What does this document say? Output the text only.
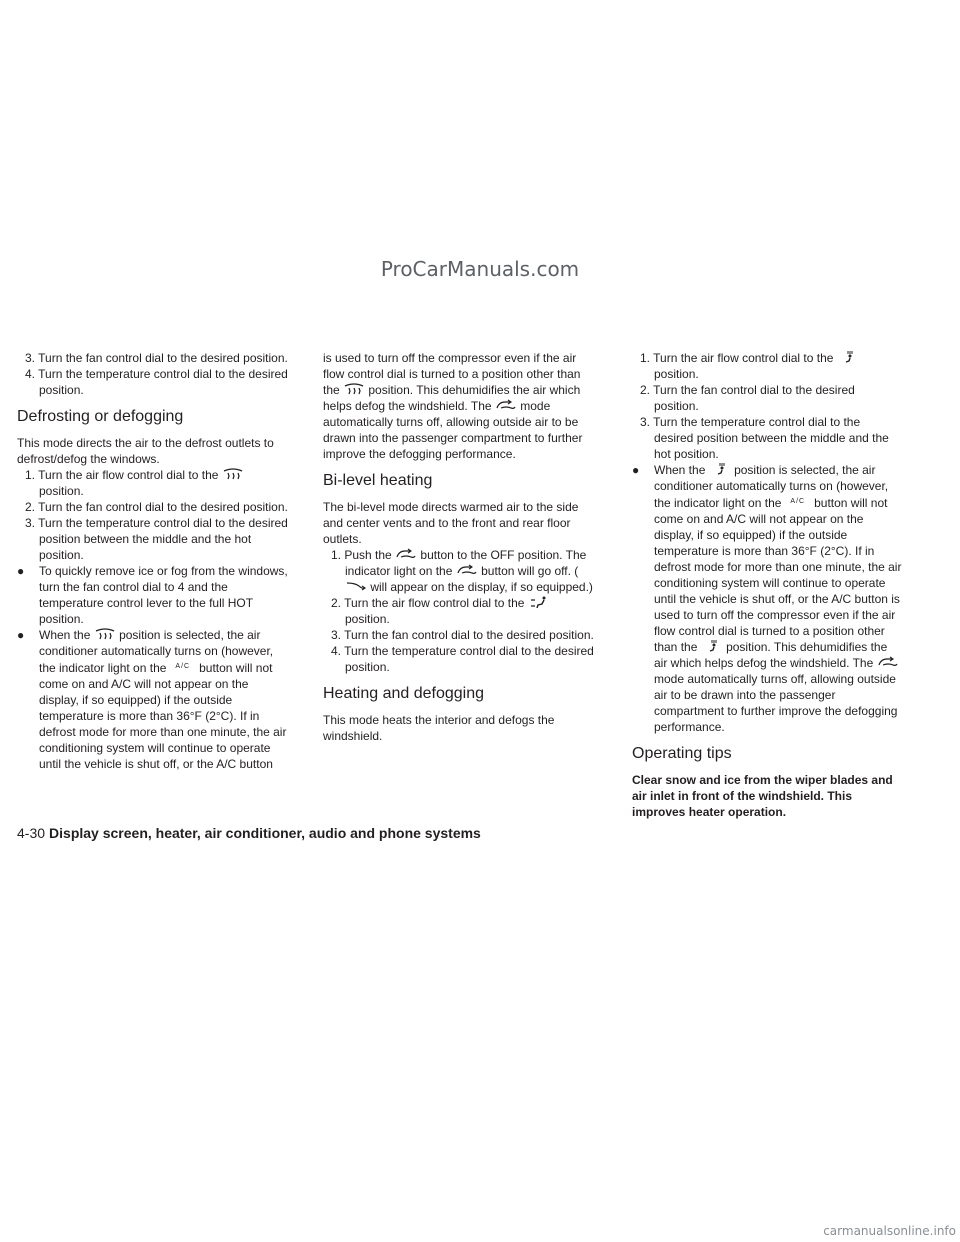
ProCarManuals.com

3. Turn the fan control dial to the desired position.

4. Turn the temperature control dial to the desired position.

Defrosting or defogging

This mode directs the air to the defrost outlets to defrost/defog the windows.

1. Turn the air flow control dial to the
position.

2. Turn the fan control dial to the desired position.

3. Turn the temperature control dial to the desired position between the middle and the hot position.

● To quickly remove ice or fog from the windows, turn the fan control dial to 4 and the temperature control lever to the full HOT position.

● When the position is selected, the air conditioner automatically turns on (however, the indicator light on the A/C button will not come on and A/C will not appear on the display, if so equipped) if the outside temperature is more than 36°F (2°C). If in defrost mode for more than one minute, the air conditioning system will continue to operate until the vehicle is shut off, or the A/C button

is used to turn off the compressor even if the air flow control dial is turned to a position other than the position. This dehumidifies the air which helps defog the windshield. The mode automatically turns off, allowing outside air to be drawn into the passenger compartment to further improve the defogging performance.

Bi-level heating

The bi-level mode directs warmed air to the side and center vents and to the front and rear floor outlets.

1. Push the button to the OFF position. The indicator light on the button will go off. (
will appear on the display, if so equipped.)

2. Turn the air flow control dial to the
position.

3. Turn the fan control dial to the desired position.

4. Turn the temperature control dial to the desired position.

Heating and defogging

This mode heats the interior and defogs the windshield.

1. Turn the air flow control dial to the
position.

2. Turn the fan control dial to the desired position.

3. Turn the temperature control dial to the desired position between the middle and the hot position.

● When the position is selected, the air conditioner automatically turns on (however, the indicator light on the A/C button will not come on and A/C will not appear on the display, if so equipped) if the outside temperature is more than 36°F (2°C). If in defrost mode for more than one minute, the air conditioning system will continue to operate until the vehicle is shut off, or the A/C button is used to turn off the compressor even if the air flow control dial is turned to a position other than the position. This dehumidifies the air which helps defog the windshield. The
mode automatically turns off, allowing outside air to be drawn into the passenger compartment to further improve the defogging performance.

Operating tips

Clear snow and ice from the wiper blades and air inlet in front of the windshield. This improves heater operation.

4-30 Display screen, heater, air conditioner, audio and phone systems
carmanualsonline.info
